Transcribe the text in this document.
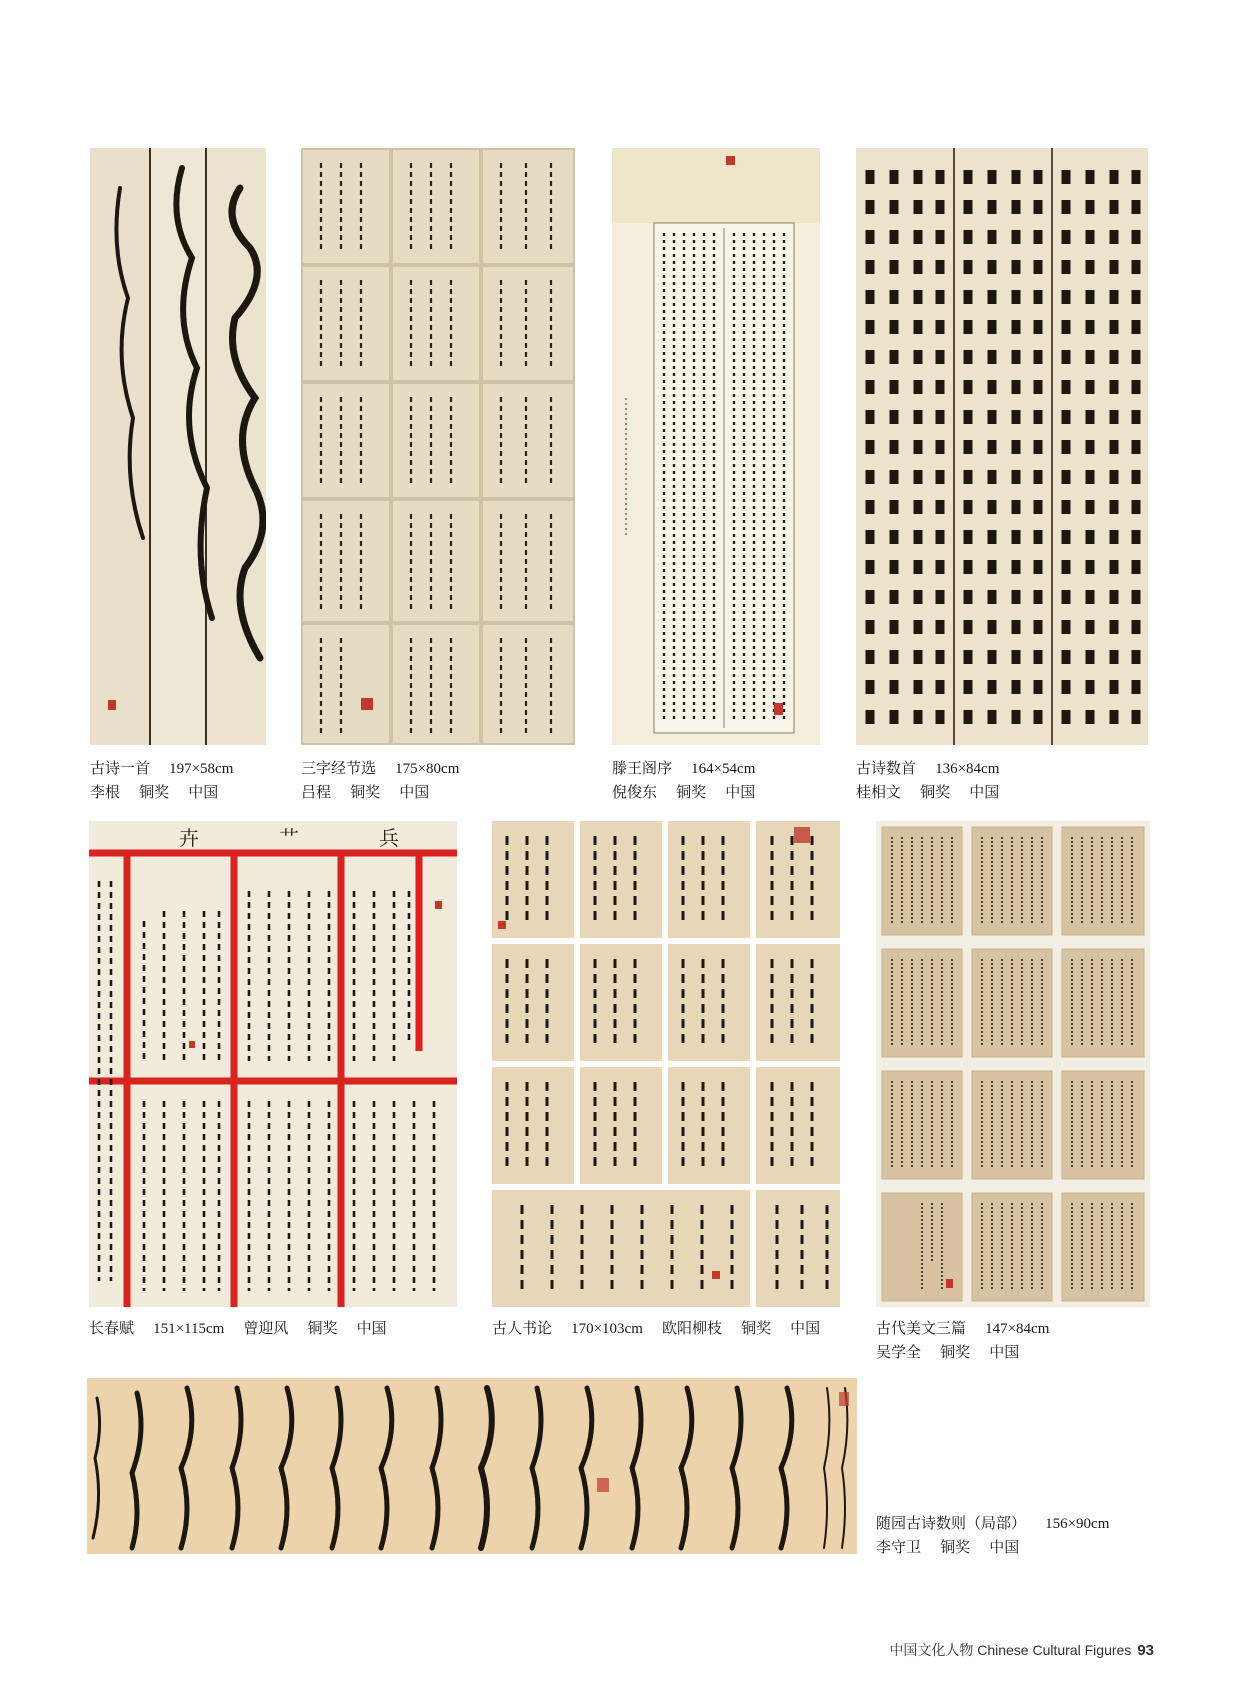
古诗一首 197×58cm
李根 铜奖 中国
三字经节选 175×80cm
吕程 铜奖 中国
滕王阁序 164×54cm
倪俊东 铜奖 中国
古诗数首 136×84cm
桂相文 铜奖 中国
卉	艹	兵
长春赋 151×115cm 曾迎风 铜奖 中国	古人书论 170×103cm 欧阳柳枝 铜奖 中国	古代美文三篇 147×84cm
吴学全 铜奖 中国
随园古诗数则（局部） 156×90cm
李守卫 铜奖 中国
中国文化人物 Chinese Cultural Figures 93
